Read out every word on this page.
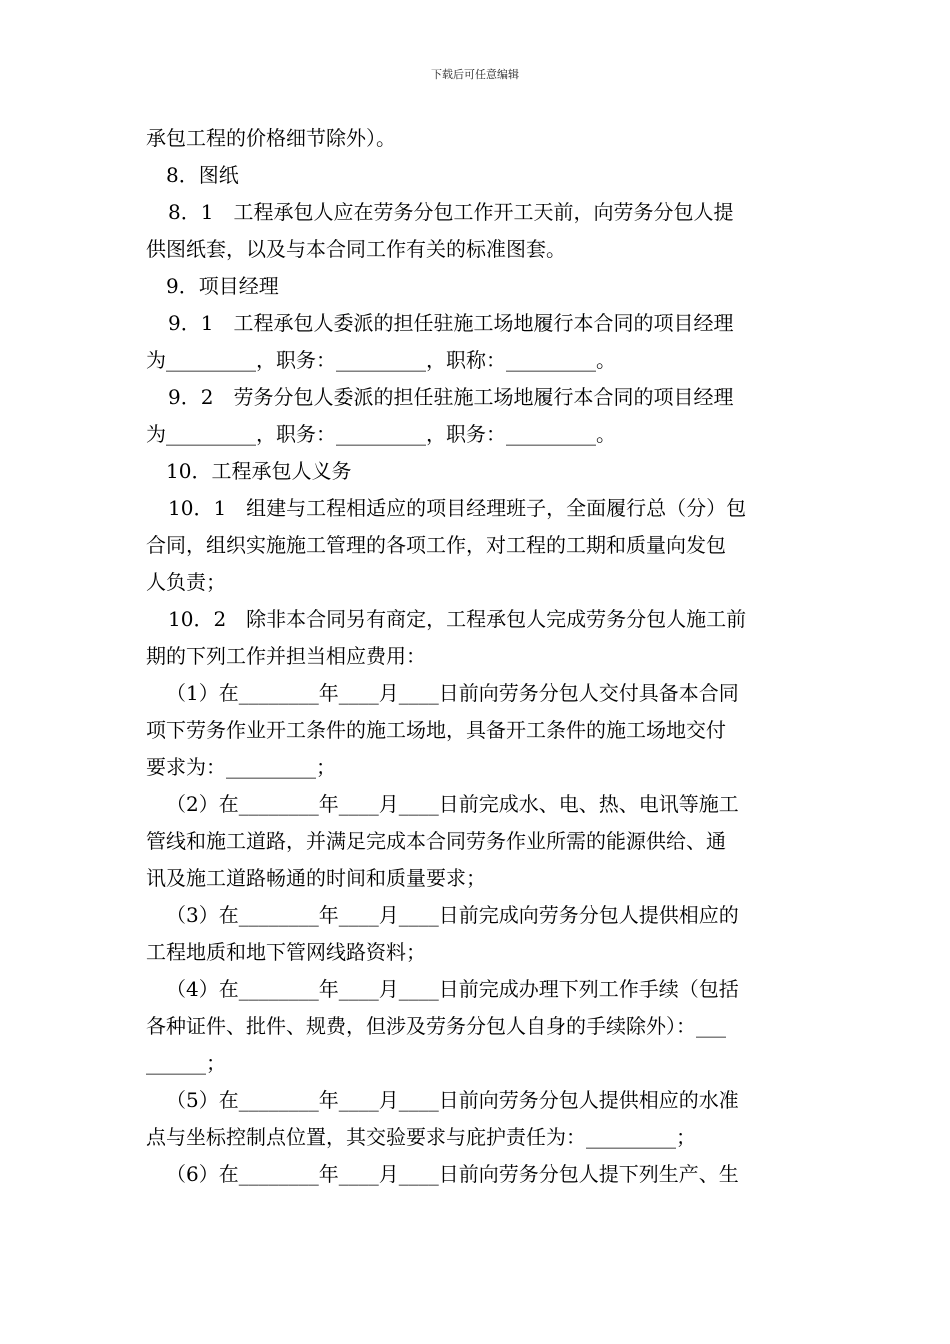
下载后可任意编辑
承包工程的价格细节除外）。
8．图纸
8．1　工程承包人应在劳务分包工作开工天前，向劳务分包人提
供图纸套，以及与本合同工作有关的标准图套。
9．项目经理
9．1　工程承包人委派的担任驻施工场地履行本合同的项目经理
为_________，职务：_________，职称：_________。
9．2　劳务分包人委派的担任驻施工场地履行本合同的项目经理
为_________，职务：_________，职务：_________。
10．工程承包人义务
10．1　组建与工程相适应的项目经理班子，全面履行总（分）包
合同，组织实施施工管理的各项工作，对工程的工期和质量向发包
人负责；
10．2　除非本合同另有商定，工程承包人完成劳务分包人施工前
期的下列工作并担当相应费用：
（1）在________年____月____日前向劳务分包人交付具备本合同
项下劳务作业开工条件的施工场地，具备开工条件的施工场地交付
要求为：_________；
（2）在________年____月____日前完成水、电、热、电讯等施工
管线和施工道路，并满足完成本合同劳务作业所需的能源供给、通
讯及施工道路畅通的时间和质量要求；
（3）在________年____月____日前完成向劳务分包人提供相应的
工程地质和地下管网线路资料；
（4）在________年____月____日前完成办理下列工作手续（包括
各种证件、批件、规费，但涉及劳务分包人自身的手续除外）：___
______；
（5）在________年____月____日前向劳务分包人提供相应的水准
点与坐标控制点位置，其交验要求与庇护责任为：_________；
（6）在________年____月____日前向劳务分包人提下列生产、生
